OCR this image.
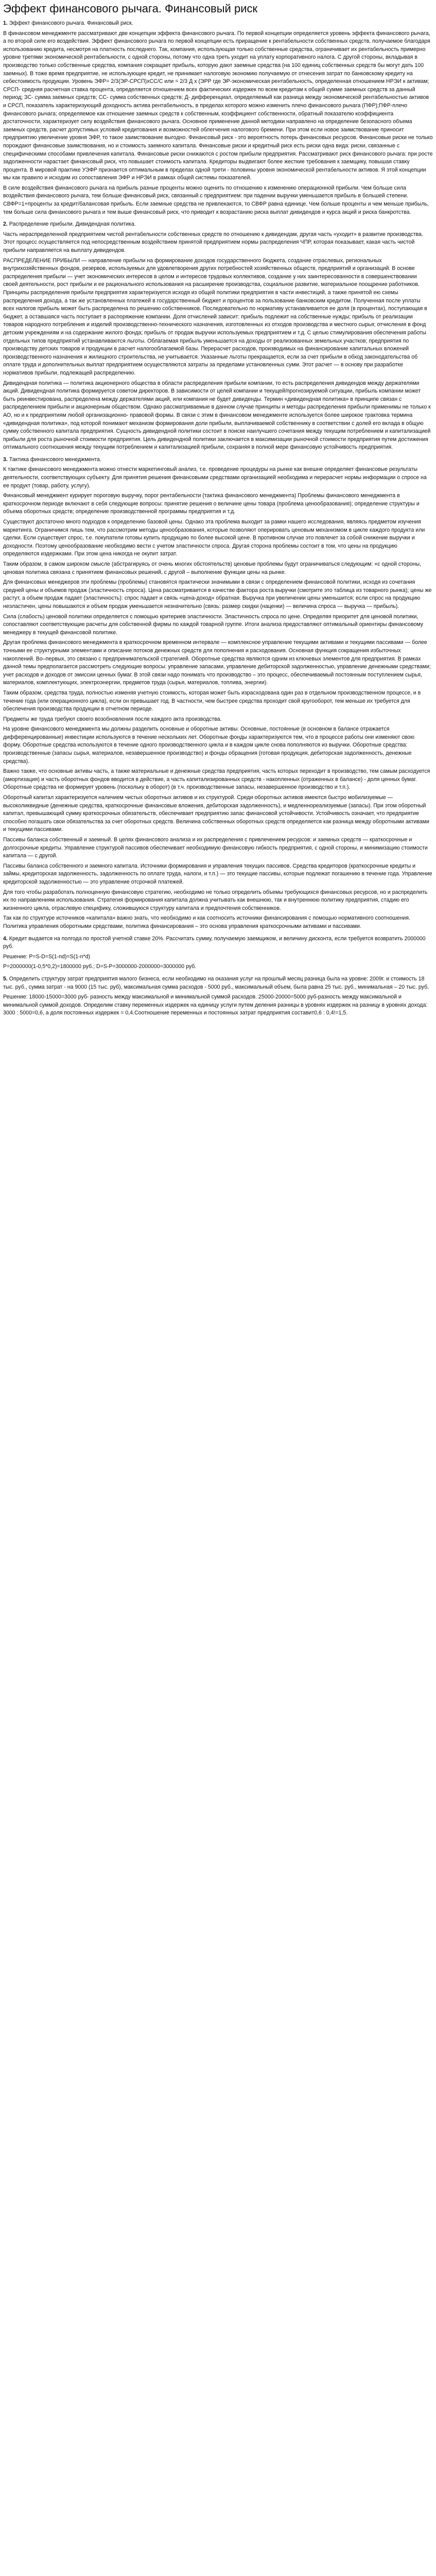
Эффект финансового рычага. Финансовый риск

1. Эффект финансового рычага. Финансовый риск.

В финансовом менеджменте рассматривают две концепции эффекта финансового рычага. По первой концепции определяется уровень эффекта финансового рычага, а по второй силе его воздействия. Эффект финансового рычага по первой концепции есть приращение к рентабельности собственных средств, получаемое благодаря использованию кредита, несмотря на платность последнего. Так, компания, использующая только собственные средства, ограничивает их рентабельность примерно уровне третями экономической рентабельности, с одной стороны, потому что одна треть уходит на уплату корпоративного налога. С другой стороны, вкладывая в производство только собственные средства, компания сокращает прибыль, которую дают заемные средства (на 100 единиц собственных средств бы могут дать 100 заемных). В тоже время предприятие, не использующее кредит, не принимает налоговую экономию получаемую от отнесения затрат по банковскому кредиту на себестоимость продукции. Уровень ЭФР= 2/3(ЭР-СРСП)хСС/С или = 2/3 Д х (ЭРР где ЭР-экономическая рентабельность, определенная отношением НРЭИ к активам; СРСП- средняя расчетная ставка процента, определяется отношением всех фактических издержек по всем кредитам к общей сумме заемных средств за данный период; ЗС- сумма заемных средств; СС- сумма собственных средств; Д- дифференциал, определяемый как разница между экономической рентабельностью активов и СРСП, показатель характеризующий доходность актива рентабельность, в пределах которого можно изменить плечо финансового рычага (ПФР);ПФР-плечо финансового рычага; определяемое как отношение заемных средств к собственным, коэффициент собственности, обратный показателю коэффициента достаточности, характеризует силу воздействия финансового рычага. Основное применение данной методики направлено на определение безопасного объема заемных средств, расчет допустимых условий кредитования и возможностей облегчения налогового бремени. При этом если новое заимствование приносит предприятию увеличение уровня ЭФР, то такое заимствование выгодно. Финансовый риск - это вероятность потерь финансовых ресурсов. Финансовые риски не только порождают финансовые заимствования, но и стоимость заемного капитала. Финансовые риски и кредитный риск есть риски одна вида: риски, связанные с специфическими способами привлечения капитала. Финансовые риски снижаются с ростом прибыли предприятия. Рассматривают риск финансового рычага: при росте задолженности нарастает финансовый риск, что повышает стоимость капитала. Кредиторы выдвигают более жесткие требования к заемщику, повышая ставку процента. В мировой практике УЭФР признается оптимальным в пределах одной трети - половины уровня экономической рентабельности активов. Я этой концепции мы как правило и исходим из сопоставления ЭФР и НРЭИ в рамках общей системы показателей.

В силе воздействия финансового рычага на прибыль разные проценты можно оценить по отношению к изменению операционной прибыли. Чем больше сила воздействия финансового рычага, тем больше финансовый риск, связанный с предприятием: при падении выручки уменьшается прибыль в большей степени. СВФР=1+проценты за кредит/балансовая прибыль. Если заемные средства не привлекаются, то СВФР равна единице. Чем больше проценты и чем меньше прибыль, тем больше сила финансового рычага и тем выше финансовый риск, что приводит к возрастанию риска выплат дивидендов и курса акций и риска банкротства.

2. Распределение прибыли. Дивидендная политика.

Часть нераспределенной предприятием чистой рентабельности собственных средств по отношению к дивидендам, другая часть «уходит» в развитие производства. Этот процесс осуществляется под непосредственным воздействием принятой предприятием нормы распределения ЧПР, которая показывает, какая часть чистой прибыли направляется на выплату дивидендов.

РАСПРЕДЕЛЕНИЕ ПРИБЫЛИ — направление прибыли на формирование доходов государственного бюджета, создание отраслевых, региональных внутрихозяйственных фондов, резервов, используемых для удовлетворения других потребностей хозяйственных обществ, предприятий и организаций. В основе распределения прибыли — учет экономических интересов в целом и интересов трудовых коллективов, создание у них заинтересованности в совершенствовании своей деятельности, рост прибыли и ее рационального использования на расширение производства, социальное развитие, материальное поощрение работников. Принципы распределения прибыли предприятия характеризуется исходя из общей политики предприятия в части инвестиций, а также принятой ею схемы распределения дохода, а так же установленных платежей в государственный бюджет и процентов за пользование банковским кредитом. Полученная после уплаты всех налогов прибыль может быть распределена по решению собственников. Последовательно по нормативу устанавливается ее доля (в процентах), поступающая в бюджет, а оставшаяся часть поступает в распоряжение компании. Доля отчислений зависит: прибыль подлежит на собственные нужды; прибыль от реализации товаров народного потребления и изделий производственно-технического назначения, изготовленных из отходов производства и местного сырья; отчисления в фонд детским учреждениям и на содержание жилого фонда; прибыль от продаж выручки используемых предприятием и т.д. С целью стимулирования обеспечения работы отдельных типов предприятий устанавливаются льготы. Облагаемая прибыль уменьшается на доходы от реализованных земельных участков; предприятия по производству детских товаров и продукции в расчет налогооблагаемой базы. Перерасчет расходов, производимых на финансирование капитальных вложений производственного назначения и жилищного строительства, не учитывается. Указанные льготы прекращается, если за счет прибыли в обход законодательства об оплате труда и дополнительных выплат предприятием осуществляются затраты за пределами установленных сумм. Этот расчет — в основу при разработке нормативов прибыли, подлежащей распределению.

Дивидендная политика — политика акционерного общества в области распределения прибыли компании, то есть распределения дивидендов между держателями акций. Дивидендная политика формируется советом директоров. В зависимости от целей компании и текущей/прогнозируемой ситуации, прибыль компании может быть реинвестирована, распределена между держателями акций, или компания не будет дивиденды. Термин «дивидендная политика» в принципе связан с распределением прибыли и акционерным обществом. Однако рассматриваемые в данном случае принципы и методы распределения прибыли применимы не только к АО, но и к предприятиям любой организационно- правовой формы. В связи с этим в финансовом менеджменте используется более широкое трактовка термина «дивидендная политика», под которой понимают механизм формирования доли прибыли, выплачиваемой собственнику в соответствии с долей его вклада в общую сумму собственного капитала предприятия. Сущность дивидендной политики состоит в поиске наилучшего сочетания между текущим потреблением и капитализацией прибыли для роста рыночной стоимости предприятия. Цель дивидендной политики заключается в максимизации рыночной стоимости предприятия путем достижения оптимального соотношения между текущим потреблением и капитализацией прибыли, сохраняя в полной мере финансовую устойчивость предприятия.

3. Тактика финансового менеджмента.

К тактике финансового менеджмента можно отнести маркетинговый анализ, т.е. проведение процедуры на рынке как внешне определяет финансовые результаты деятельности, соответствующих субъекту. Для принятия решения финансовыми средствами организацией необходима и перерасчет нормы информации о спросе на ее продукт (товар, работу, услугу).

Финансовый менеджмент курирует пороговую выручку, порог рентабельности (тактика финансового менеджмента) Проблемы финансового менеджмента в краткосрочном периоде включают в себя следующие вопросы: принятие решения о величине цены товара (проблема ценообразования); определение структуры и объема оборотных средств; определение производственной программы предприятия и т.д.

Существуют достаточно много подходов к определению базовой цены. Однако эта проблема выходит за рамки нашего исследования, являясь предметом изучения маркетинга. Ограничимся лишь тем, что рассмотрим методы ценообразования, которые позволяют оперировать ценовым механизмом в цикле каждого продукта или сделки. Если существует спрос, т.е. покупатели готовы купить продукцию по более высокой цене. В противном случае это повлечет за собой снижение выручки и доходности. Поэтому ценообразование необходимо вести с учетом эластичности спроса. Другая сторона проблемы состоит в том, что цены на продукцию определяются издержками. При этом цена никогда не окупит затрат.

Таким образом, в самом широком смысле (абстрагируясь от очень многих обстоятельств) ценовые проблемы будут ограничиваться следующим: «с одной стороны, ценовая политика связана с принятием финансовых решений, с другой – выполнение функции цены на рынке.

Для финансовых менеджеров эти проблемы (проблемы) становятся практически значимыми в связи с определением финансовой политики, исходя из сочетания средней цены и объемов продаж (эластичность спроса). Цена рассматривается в качестве фактора роста выручки (смотрите это таблица из товарного рынка); цены же растут, а объем продаж падает (эластичность): спрос падает и связь «цена-доход» обратная. Выручка при увеличении цены уменьшится; если спрос на продукцию неэластичен, цены повышаются и объем продаж уменьшается незначительно (связь: размер скидки (наценки) — величина спроса — выручка — прибыль).

Сила (слабость) ценовой политики определяется с помощью критериев эластичности. Эластичность спроса по цене. Определяя приоритет для ценовой политики, сопоставляют соответствующие расчеты для собственной фирмы по каждой товарной группе. Итоги анализа предоставляют оптимальный ориентиры финансовому менеджеру в текущей финансовой политике.

Другая проблема финансового менеджмента в краткосрочном временном интервале — комплексное управление текущими активами и текущими пассивами — более точными ее структурными элементами и описание потоков денежных средств для пополнения и расходования. Основная функция сокращения избыточных накоплений. Во–первых, это связано с предпринимательской стратегией. Оборотные средства являются одним из ключевых элементов для предприятия. В рамках данной темы предполагается рассмотреть следующие вопросы: управление запасами, управление дебиторской задолженностью, управление денежными средствами; учет расходов и доходов от эмиссии ценных бумаг. В этой связи надо понимать что производство – это процесс, обеспечиваемый постоянным поступлением сырья, материалов, комплектующих, электроэнергии, предметов труда (сырья, материалов, топлива, энергии).

Таким образом, средства труда, полностью изменяя учетную стоимость, которая может быть израсходована один раз в отдельном производственном процессе, и в течение года (или операционного цикла), если он превышает год. В частности, чем быстрее средства проходит свой кругооборот, тем меньше их требуется для обеспечения производства продукции в отчетном периоде.

Предметы же труда требуют своего возобновления после каждого акта производства.

На уровне финансового менеджмента мы должны разделить основные и оборотные активы. Основные, постоянные (в основном в балансе отражается дифференцированные) инвестиции используются в течение нескольких лет. Оборотные фонды характеризуются тем, что в процессе работы они изменяют свою форму. Оборотные средства используются в течение одного производственного цикла и в каждом цикле снова пополняются из выручки. Оборотные средства: производственные (запасы сырья, материалов, незавершенное производство) и фонды обращения (готовая продукция, дебиторская задолженность, денежные средства).

Важно также, что основные активы часть, а также материальные и денежные средства предприятия, часть которых переходит в производство, тем самым расходуется (амортизация) и часть оборотных фондов вводится в действие, а часть капитализированных средств - накопленных (отраженных в балансе) - доля ценных бумаг. Оборотные средства не формирует уровень (поскольку в оборот) (в т.ч. производственные запасы, незавершенное производство и т.п.).

Оборотный капитал характеризуется наличием чистых оборотных активов и их структурой. Среди оборотных активов имеются быстро мобилизуемые — высоколиквидные (денежные средства, краткосрочные финансовые вложения, дебиторская задолженность), и медленнореализуемые (запасы). При этом оборотный капитал, превышающий сумму краткосрочных обязательств, обеспечивает предприятию запас финансовой устойчивости. Устойчивость означает, что предприятие способно погашать свои обязательства за счет оборотных средств. Величина собственных оборотных средств определяется как разница между оборотными активами и текущими пассивами.

Пассивы баланса собственный и заемный. В целях финансового анализа и их распределения с привлечением ресурсов: и заемных средств — краткосрочные и долгосрочные кредиты. Управление структурой пассивов обеспечивает необходимую финансовую гибкость предприятия, с одной стороны, и минимизацию стоимости капитала — с другой.

Пассивы баланса собственного и заемного капитала. Источники формирования и управления текущих пассивов. Средства кредиторов (краткосрочные кредиты и займы, кредиторская задолженность, задолженность по оплате труда, налоги, и т.п.) — это текущие пассивы, которые подлежат погашению в течение года. Управление кредиторской задолженностью — это управление отсрочкой платежей.

Для того чтобы разработать полноценную финансовую стратегию, необходимо не только определить объемы требующихся финансовых ресурсов, но и распределить их по направлениям использования. Стратегия формирования капитала должна учитывать как внешнюю, так и внутреннюю политику предприятия, стадию его жизненного цикла, отраслевую специфику, сложившуюся структуру капитала и предпочтения собственников.

Так как по структуре источников «капитала» важно знать, что необходимо и как соотносить источники финансирования с помощью нормативного соотношения. Политика управления оборотными средствами, политика финансирования – это основа управления краткосрочными активами и пассивами.

4. Кредит выдается на полгода по простой учетной ставке 20%. Рассчитать сумму, получаемую заемщиком, и величину дисконта, если требуется возвратить 2000000 руб.

Решение: P=S-D=S(1-nd)=S(1-n*d)

P=2000000(1-0,5*0,2)=1800000 руб.; D=S-P=3000000-2000000=3000000 руб.

5. Определить структуру затрат предприятия малого бизнеса, если необходимо на оказания услуг на прошлый месяц разница была на уровне: 2009г. и стоимость 18 тыс. руб., сумма затрат - на 9000 (15 тыс. руб), максимальная сумма расходов - 5000 руб., максимальный объем, была равна 25 тыс. руб., минимальная – 20 тыс. руб.

Решение: 18000-15000=3000 руб- разность между максимальной и минимальной суммой расходов. 25000-20000=5000 руб-разность между максимальной и минимальной суммой доходов. Определим ставку переменных издержек на единицу услуги путем деления разницы в уровнях издержек на разницу в уровнях дохода: 3000 : 5000=0,6, а доля постоянных издержек = 0,4.Соотношение переменных и постоянных затрат предприятия составит0,6 : 0,4!=1,5.
